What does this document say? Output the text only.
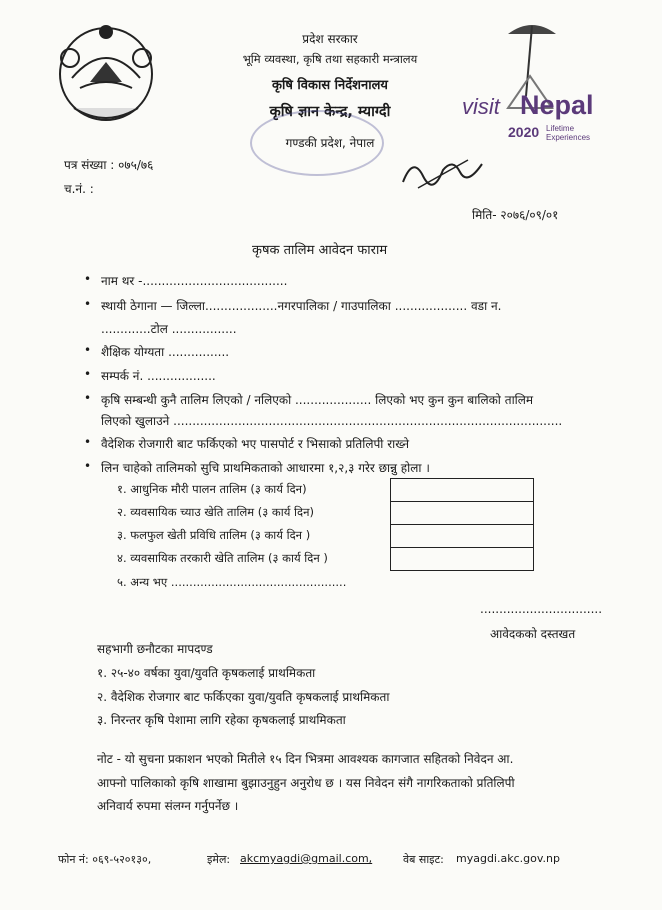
प्रदेश सरकार
भूमि व्यवस्था, कृषि तथा सहकारी मन्त्रालय
कृषि विकास निर्देशनालय
कृषि ज्ञान केन्द्र, म्याग्दी
गण्डकी प्रदेश, नेपाल
visit Nepal
2020 Lifetime Experiences
पत्र संख्या : ०७५/७६
च.नं. :
मिति- २०७६/०९/०१
कृषक तालिम आवेदन फाराम
• नाम थर -......................................
• स्थायी ठेगाना — जिल्ला...................नगरपालिका / गाउपालिका ................... वडा न.
.............टोल .................
• शैक्षिक योग्यता ................
• सम्पर्क नं. ..................
• कृषि सम्बन्धी कुनै तालिम लिएको / नलिएको .................... लिएको भए कुन कुन बालिको तालिम
लिएको खुलाउने ......................................................................................................
• वैदेशिक रोजगारी बाट फर्किएको भए पासपोर्ट र भिसाको प्रतिलिपी राख्ने
• लिन चाहेको तालिमको सुचि प्राथमिकताको आधारमा १,२,३ गरेर छान्नु होला ।
१. आधुनिक मौरी पालन तालिम (३ कार्य दिन)
२. व्यवसायिक च्याउ खेति तालिम (३ कार्य दिन)
३. फलफुल खेती प्रविधि तालिम (३ कार्य दिन )
४. व्यवसायिक तरकारी खेति तालिम (३ कार्य दिन )
५. अन्य भए ................................................
................................
आवेदकको दस्तखत
सहभागी छनौटका मापदण्ड
१. २५-४० वर्षका युवा/युवति कृषकलाई प्राथमिकता
२. वैदेशिक रोजगार बाट फर्किएका युवा/युवति कृषकलाई प्राथमिकता
३. निरन्तर कृषि पेशामा लागि रहेका कृषकलाई प्राथमिकता
नोट - यो सुचना प्रकाशन भएको मितीले १५ दिन भित्रमा आवश्यक कागजात सहितको निवेदन आ.
आफ्नो पालिकाको कृषि शाखामा बुझाउनुहुन अनुरोध छ । यस निवेदन संगै नागरिकताको प्रतिलिपी
अनिवार्य रुपमा संलग्न गर्नुपर्नेछ ।
फोन नं: ०६९-५२०१३०,	इमेल: akcmyagdi@gmail.com,	वेब साइट: myagdi.akc.gov.np
